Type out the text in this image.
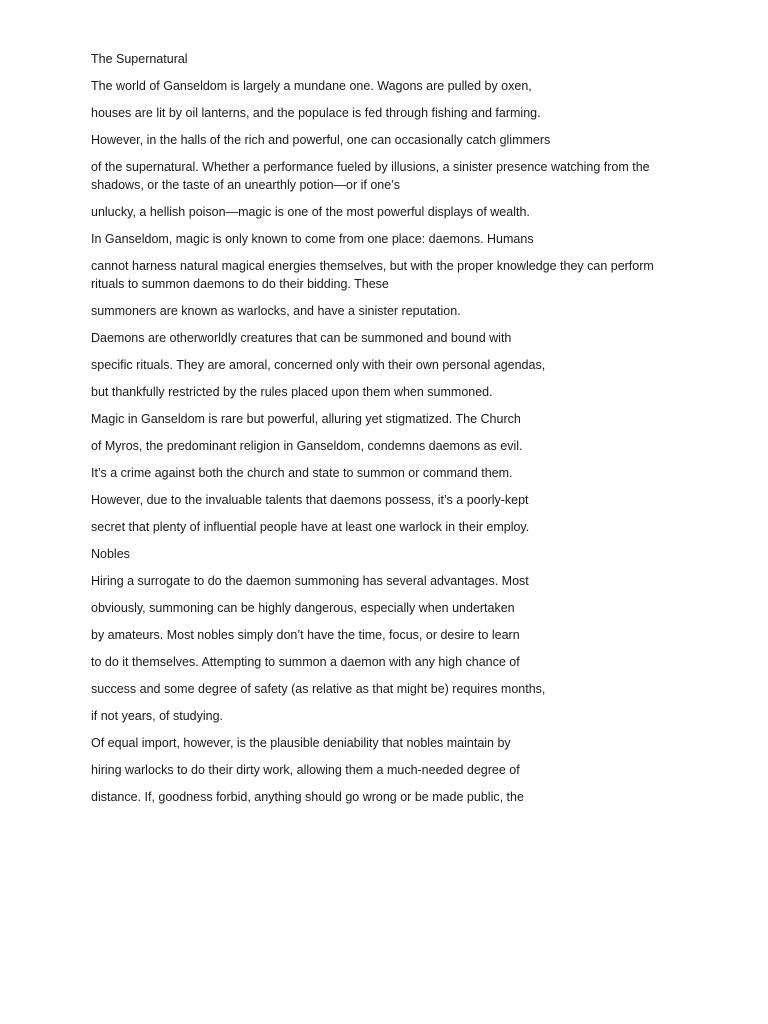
The Supernatural

The world of Ganseldom is largely a mundane one. Wagons are pulled by oxen,

houses are lit by oil lanterns, and the populace is fed through fishing and farming.

However, in the halls of the rich and powerful, one can occasionally catch glimmers

of the supernatural. Whether a performance fueled by illusions, a sinister presence watching from the shadows, or the taste of an unearthly potion—or if one’s

unlucky, a hellish poison—magic is one of the most powerful displays of wealth.

In Ganseldom, magic is only known to come from one place: daemons. Humans

cannot harness natural magical energies themselves, but with the proper knowledge they can perform rituals to summon daemons to do their bidding. These

summoners are known as warlocks, and have a sinister reputation.

Daemons are otherworldly creatures that can be summoned and bound with

specific rituals. They are amoral, concerned only with their own personal agendas,

but thankfully restricted by the rules placed upon them when summoned.

Magic in Ganseldom is rare but powerful, alluring yet stigmatized. The Church

of Myros, the predominant religion in Ganseldom, condemns daemons as evil.

It’s a crime against both the church and state to summon or command them.

However, due to the invaluable talents that daemons possess, it’s a poorly-kept

secret that plenty of influential people have at least one warlock in their employ.

Nobles

Hiring a surrogate to do the daemon summoning has several advantages. Most

obviously, summoning can be highly dangerous, especially when undertaken

by amateurs. Most nobles simply don’t have the time, focus, or desire to learn

to do it themselves. Attempting to summon a daemon with any high chance of

success and some degree of safety (as relative as that might be) requires months,

if not years, of studying.

Of equal import, however, is the plausible deniability that nobles maintain by

hiring warlocks to do their dirty work, allowing them a much-needed degree of

distance. If, goodness forbid, anything should go wrong or be made public, the
